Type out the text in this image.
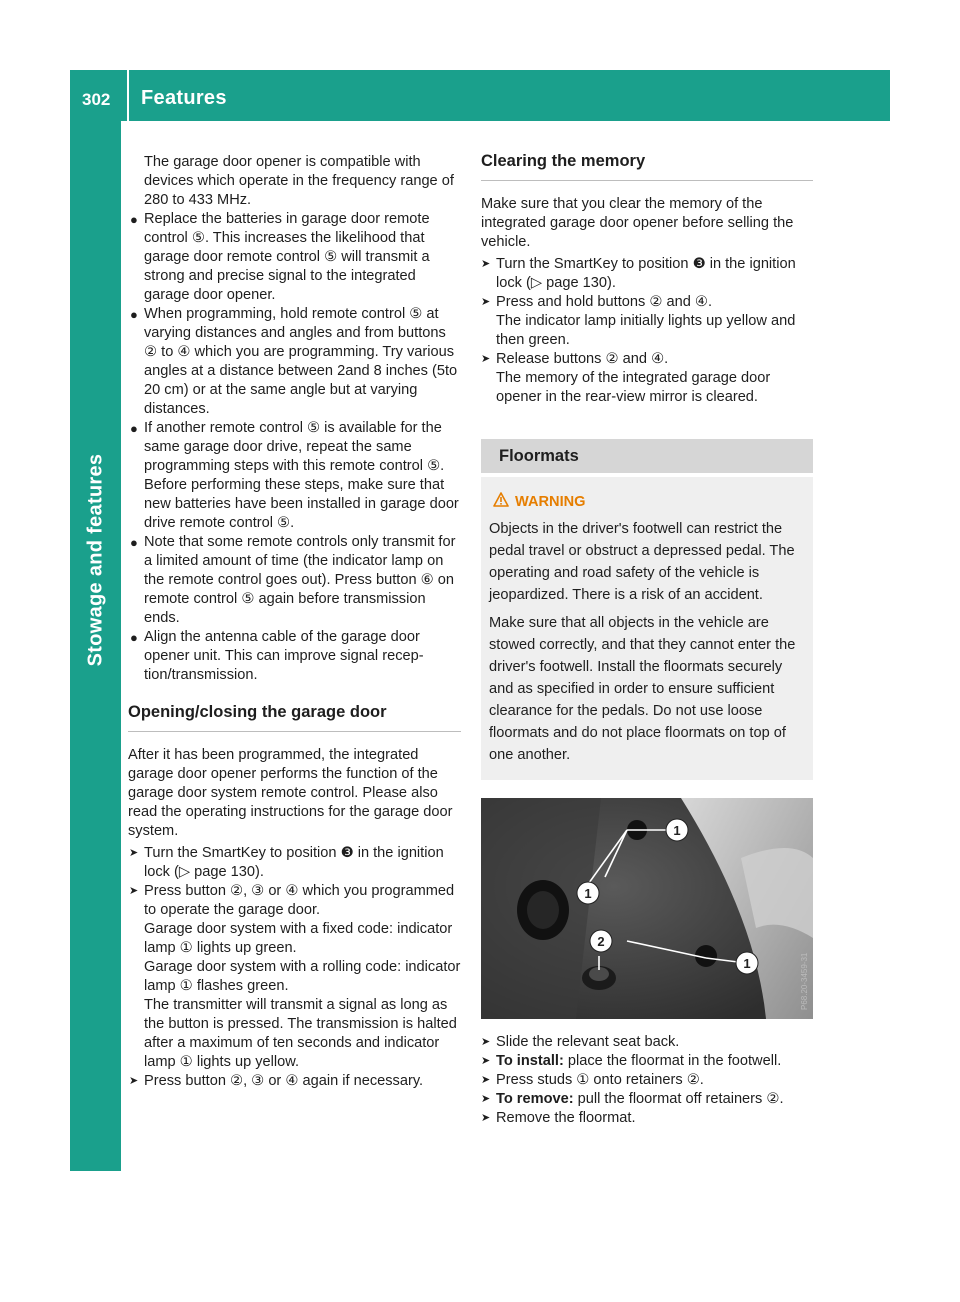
302 Features
Stowage and features

The garage door opener is compatible with devices which operate in the frequency range of 280 to 433 MHz.

● Replace the batteries in garage door remote control ⑤. This increases the likelihood that garage door remote control ⑤ will transmit a strong and precise signal to the integrated garage door opener.

● When programming, hold remote control ⑤ at varying distances and angles and from buttons ② to ④ which you are programming. Try various angles at a distance between 2and 8 inches (5to 20 cm) or at the same angle but at varying distances.

● If another remote control ⑤ is available for the same garage door drive, repeat the same programming steps with this remote control ⑤. Before performing these steps, make sure that new batteries have been installed in garage door drive remote control ⑤.

● Note that some remote controls only transmit for a limited amount of time (the indicator lamp on the remote control goes out). Press button ⑥ on remote control ⑤ again before transmission ends.

● Align the antenna cable of the garage door opener unit. This can improve signal reception/transmission.

Opening/closing the garage door

After it has been programmed, the integrated garage door opener performs the function of the garage door system remote control. Please also read the operating instructions for the garage door system.

➤ Turn the SmartKey to position ❸ in the ignition lock (▷ page 130).

➤ Press button ②, ③ or ④ which you programmed to operate the garage door.
Garage door system with a fixed code: indicator lamp ① lights up green.
Garage door system with a rolling code: indicator lamp ① flashes green.
The transmitter will transmit a signal as long as the button is pressed. The transmission is halted after a maximum of ten seconds and indicator lamp ① lights up yellow.

➤ Press button ②, ③ or ④ again if necessary.

Clearing the memory

Make sure that you clear the memory of the integrated garage door opener before selling the vehicle.

➤ Turn the SmartKey to position ❸ in the ignition lock (▷ page 130).

➤ Press and hold buttons ② and ④.
The indicator lamp initially lights up yellow and then green.

➤ Release buttons ② and ④.
The memory of the integrated garage door opener in the rear-view mirror is cleared.

Floormats
WARNING

Objects in the driver's footwell can restrict the pedal travel or obstruct a depressed pedal. The operating and road safety of the vehicle is jeopardized. There is a risk of an accident.

Make sure that all objects in the vehicle are stowed correctly, and that they cannot enter the driver's footwell. Install the floormats securely and as specified in order to ensure sufficient clearance for the pedals. Do not use loose floormats and do not place floormats on top of one another.

1
1
2
1	P68.20-3459-31

➤ Slide the relevant seat back.

➤ To install: place the floormat in the footwell.

➤ Press studs ① onto retainers ②.

➤ To remove: pull the floormat off retainers ②.

➤ Remove the floormat.
